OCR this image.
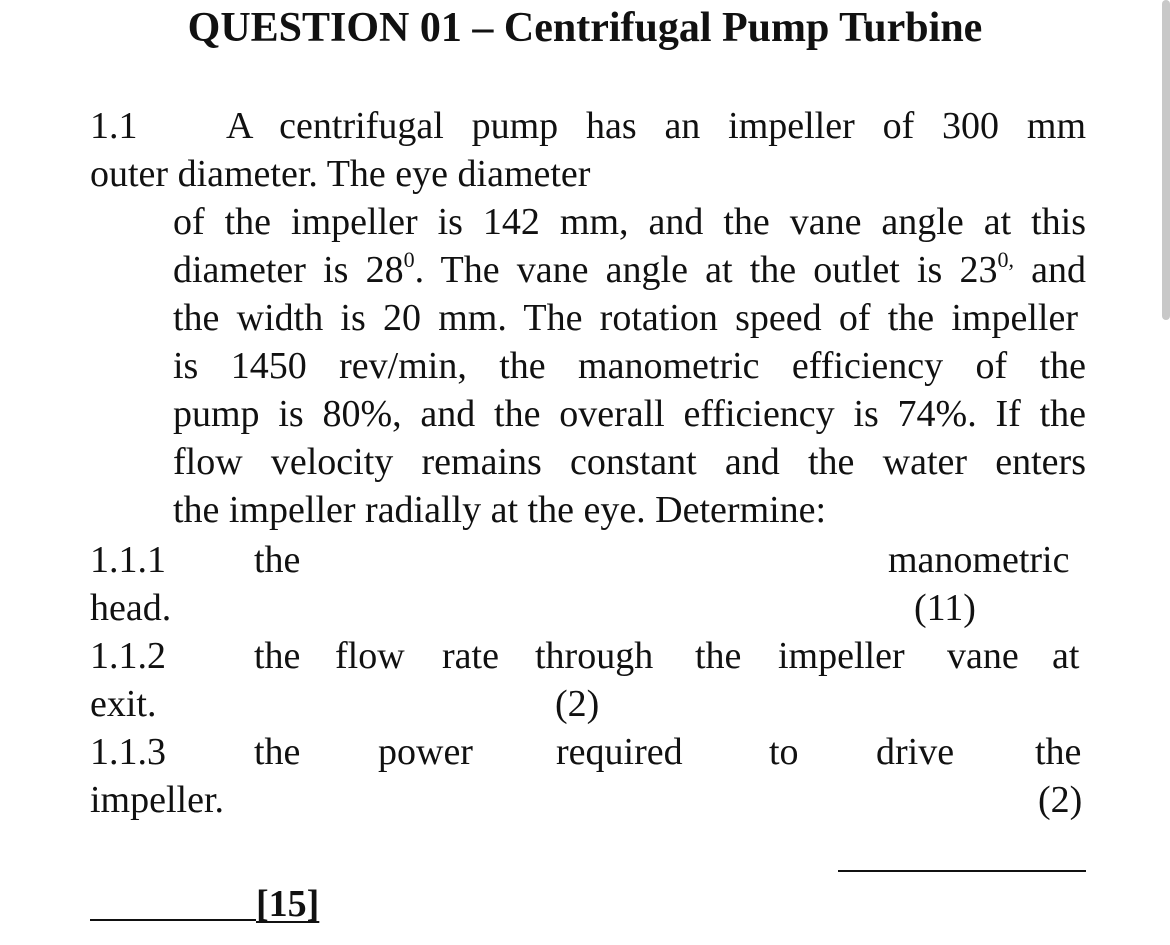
QUESTION 01 – Centrifugal Pump Turbine
1.1 A centrifugal pump has an impeller of 300 mm
outer diameter. The eye diameter
of the impeller is 142 mm, and the vane angle at this
diameter is $28^0$. The vane angle at the outlet is $23^{0,}$ and
the width is 20 mm. The rotation speed of the impeller
is 1450 rev/min, the manometric efficiency of the
pump is 80%, and the overall efficiency is 74%. If the
flow velocity remains constant and the water enters
the impeller radially at the eye. Determine:
1.1.1 the	manometric
head.	(11)
1.1.2 the flow rate through the impeller vane at
exit.	(2)
1.1.3 the power required to drive the
impeller.	(2)
[15]
